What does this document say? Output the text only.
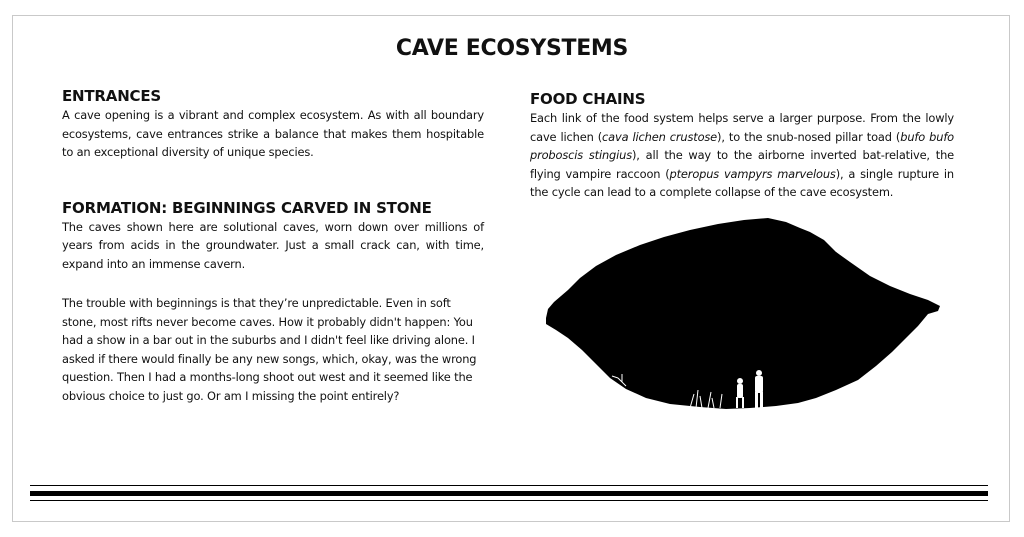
CAVE ECOSYSTEMS
ENTRANCES

A cave opening is a vibrant and complex ecosystem. As with all boundary ecosystems, cave entrances strike a balance that makes them hospitable to an exceptional diversity of unique species.

FORMATION: BEGINNINGS CARVED IN STONE

The caves shown here are solutional caves, worn down over millions of years from acids in the groundwater. Just a small crack can, with time, expand into an immense cavern.

The trouble with beginnings is that they’re unpredictable. Even in soft stone, most rifts never become caves. How it probably didn't happen: You had a show in a bar out in the suburbs and I didn't feel like driving alone. I asked if there would finally be any new songs, which, okay, was the wrong question. Then I had a months-long shoot out west and it seemed like the obvious choice to just go. Or am I missing the point entirely?

FOOD CHAINS

Each link of the food system helps serve a larger purpose. From the lowly cave lichen (cava lichen crustose), to the snub-nosed pillar toad (bufo bufo proboscis stingius), all the way to the airborne inverted bat-relative, the flying vampire raccoon (pteropus vampyrs marvelous), a single rupture in the cycle can lead to a complete collapse of the cave ecosystem.
